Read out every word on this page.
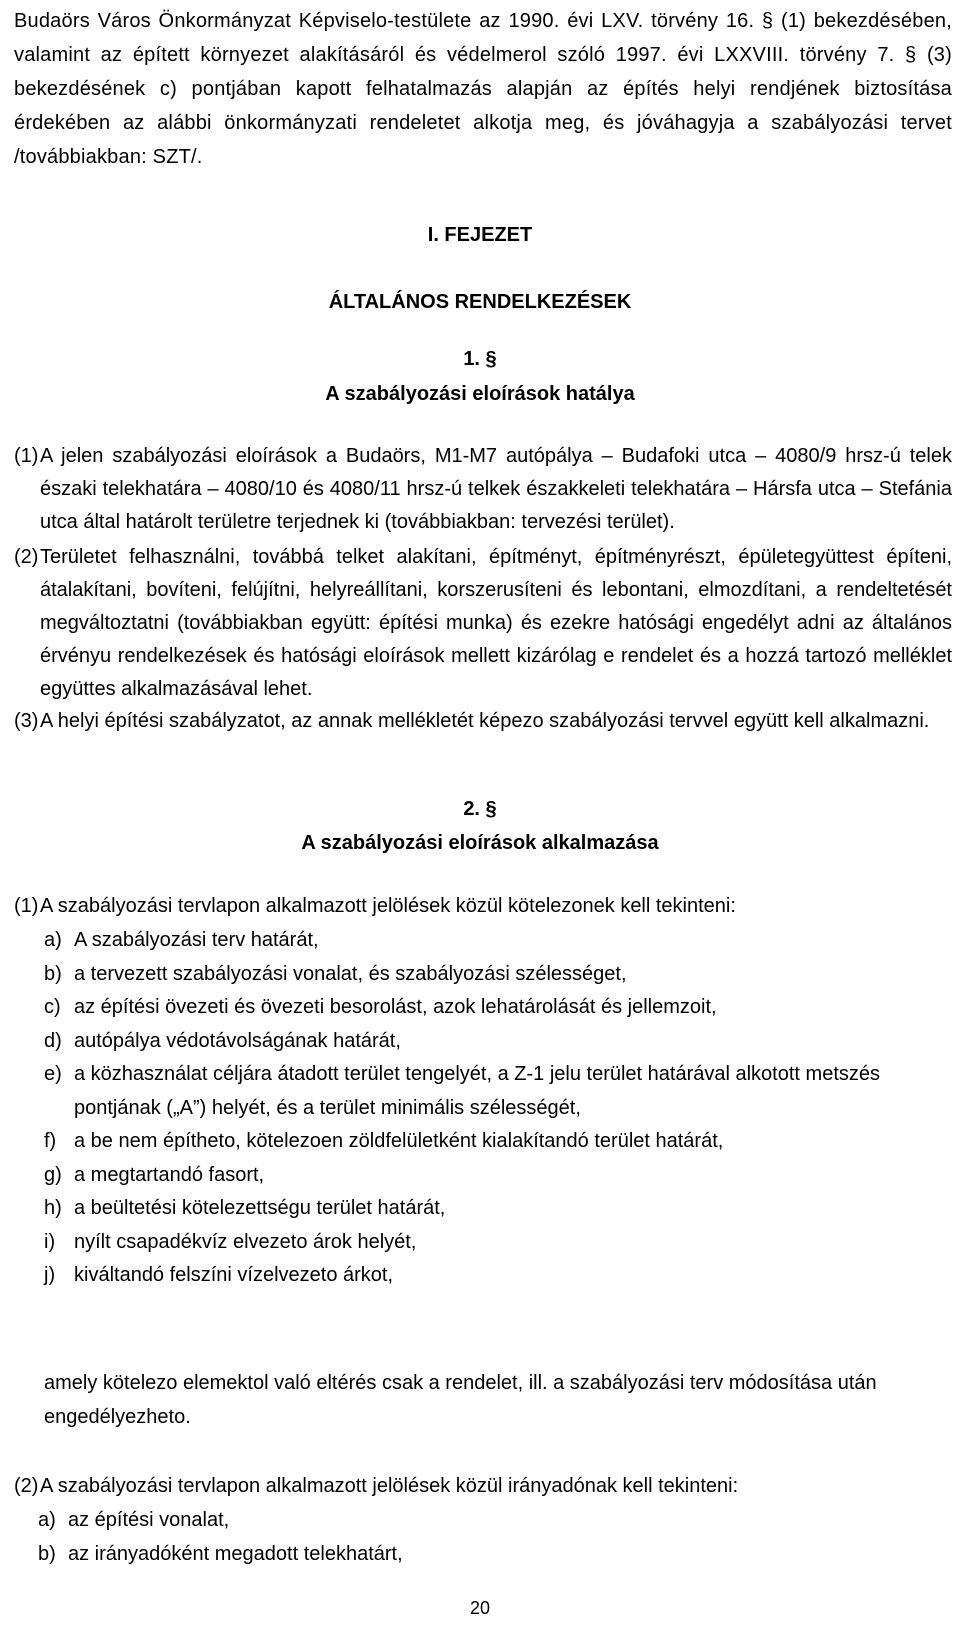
Budaörs Város Önkormányzat Képviselo-testülete az 1990. évi LXV. törvény 16. § (1) bekezdésében, valamint az épített környezet alakításáról és védelmerol szóló 1997. évi LXXVIII. törvény 7. § (3) bekezdésének c) pontjában kapott felhatalmazás alapján az építés helyi rendjének biztosítása érdekében az alábbi önkormányzati rendeletet alkotja meg, és jóváhagyja a szabályozási tervet /továbbiakban: SZT/.

I. FEJEZET
ÁLTALÁNOS RENDELKEZÉSEK
1. §
A szabályozási eloírások hatálya
(1) A jelen szabályozási eloírások a Budaörs, M1-M7 autópálya – Budafoki utca – 4080/9 hrsz-ú telek északi telekhatára – 4080/10 és 4080/11 hrsz-ú telkek északkeleti telekhatára – Hársfa utca – Stefánia utca által határolt területre terjednek ki (továbbiakban: tervezési terület).
(2) Területet felhasználni, továbbá telket alakítani, építményt, építményrészt, épületegyüttest építeni, átalakítani, bovíteni, felújítni, helyreállítani, korszerusíteni és lebontani, elmozdítani, a rendeltetését megváltoztatni (továbbiakban együtt: építési munka) és ezekre hatósági engedélyt adni az általános érvényu rendelkezések és hatósági eloírások mellett kizárólag e rendelet és a hozzá tartozó melléklet együttes alkalmazásával lehet.
(3) A helyi építési szabályzatot, az annak mellékletét képezo szabályozási tervvel együtt kell alkalmazni.
2. §
A szabályozási eloírások alkalmazása
(1) A szabályozási tervlapon alkalmazott jelölések közül kötelezonek kell tekinteni:
a) A szabályozási terv határát,
b) a tervezett szabályozási vonalat, és szabályozási szélességet,
c) az építési övezeti és övezeti besorolást, azok lehatárolását és jellemzoit,
d) autópálya védotávolságának határát,
e) a közhasználat céljára átadott terület tengelyét, a Z-1 jelu terület határával alkotott metszés pontjának („A”) helyét, és a terület minimális szélességét,
f) a be nem építheto, kötelezoen zöldfelületként kialakítandó terület határát,
g) a megtartandó fasort,
h) a beültetési kötelezettségu terület határát,
i) nyílt csapadékvíz elvezeto árok helyét,
j) kiváltandó felszíni vízelvezeto árkot,

amely kötelezo elemektol való eltérés csak a rendelet, ill. a szabályozási terv módosítása után engedélyezheto.

(2) A szabályozási tervlapon alkalmazott jelölések közül irányadónak kell tekinteni:
a) az építési vonalat,
b) az irányadóként megadott telekhatárt,
20
